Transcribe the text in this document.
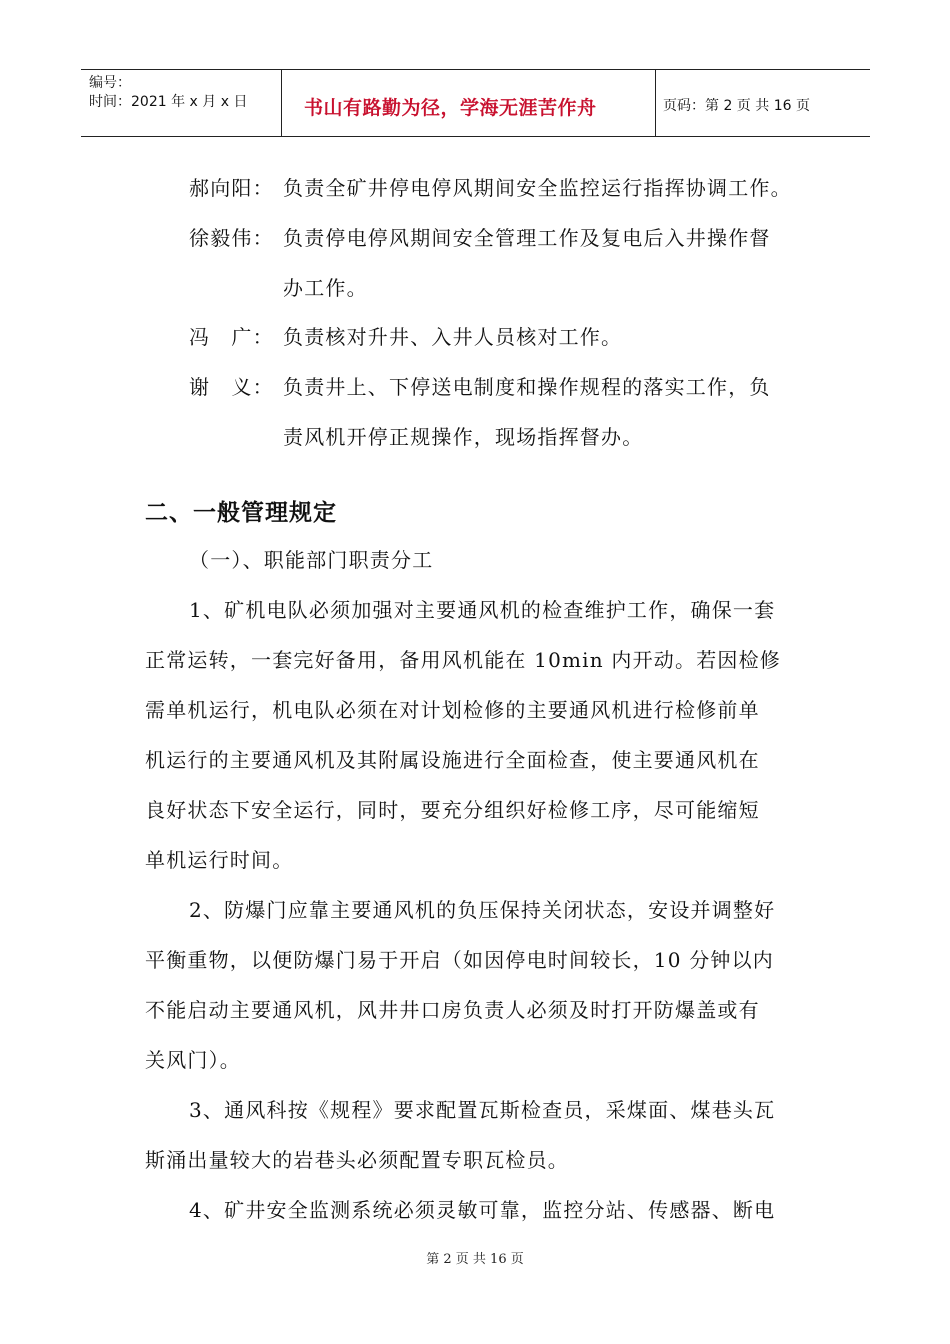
编号：
时间：2021 年 x 月 x 日	书山有路勤为径，学海无涯苦作舟	页码：第 2 页 共 16 页
郝向阳： 负责全矿井停电停风期间安全监控运行指挥协调工作。
徐毅伟： 负责停电停风期间安全管理工作及复电后入井操作督
办工作。
冯　广： 负责核对升井、入井人员核对工作。
谢　义： 负责井上、下停送电制度和操作规程的落实工作，负
责风机开停正规操作，现场指挥督办。
二、一般管理规定
（一）、职能部门职责分工
1、矿机电队必须加强对主要通风机的检查维护工作，确保一套
正常运转，一套完好备用，备用风机能在 10min 内开动。若因检修
需单机运行，机电队必须在对计划检修的主要通风机进行检修前单
机运行的主要通风机及其附属设施进行全面检查，使主要通风机在
良好状态下安全运行，同时，要充分组织好检修工序，尽可能缩短
单机运行时间。
2、防爆门应靠主要通风机的负压保持关闭状态，安设并调整好
平衡重物，以便防爆门易于开启（如因停电时间较长，10 分钟以内
不能启动主要通风机，风井井口房负责人必须及时打开防爆盖或有
关风门）。
3、通风科按《规程》要求配置瓦斯检查员，采煤面、煤巷头瓦
斯涌出量较大的岩巷头必须配置专职瓦检员。
4、矿井安全监测系统必须灵敏可靠，监控分站、传感器、断电
第 2 页 共 16 页
